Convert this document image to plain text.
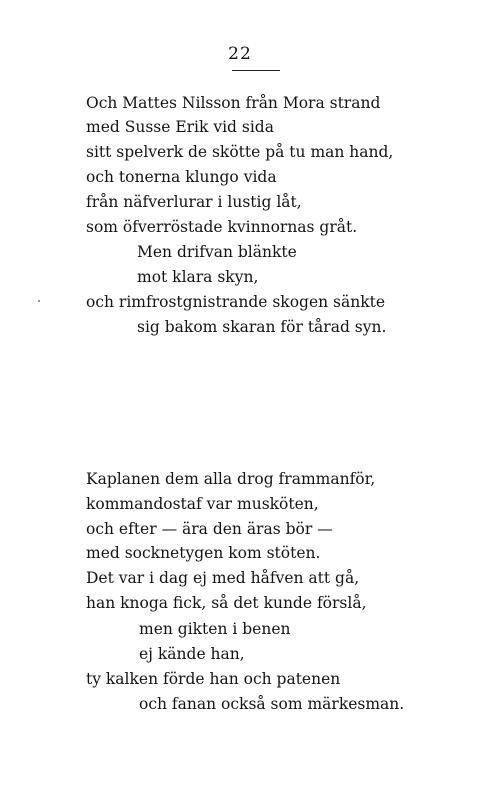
22
Och Mattes Nilsson från Mora strand
med Susse Erik vid sida
sitt spelverk de skötte på tu man hand,
och tonerna klungo vida
från näfverlurar i lustig låt,
som öfverröstade kvinnornas gråt.
Men drifvan blänkte
mot klara skyn,
och rimfrostgnistrande skogen sänkte
sig bakom skaran för tårad syn.
Kaplanen dem alla drog frammanför,
kommandostaf var musköten,
och efter — ära den äras bör —
med socknetygen kom stöten.
Det var i dag ej med håfven att gå,
han knoga fick, så det kunde förslå,
men gikten i benen
ej kände han,
ty kalken förde han och patenen
och fanan också som märkesman.
